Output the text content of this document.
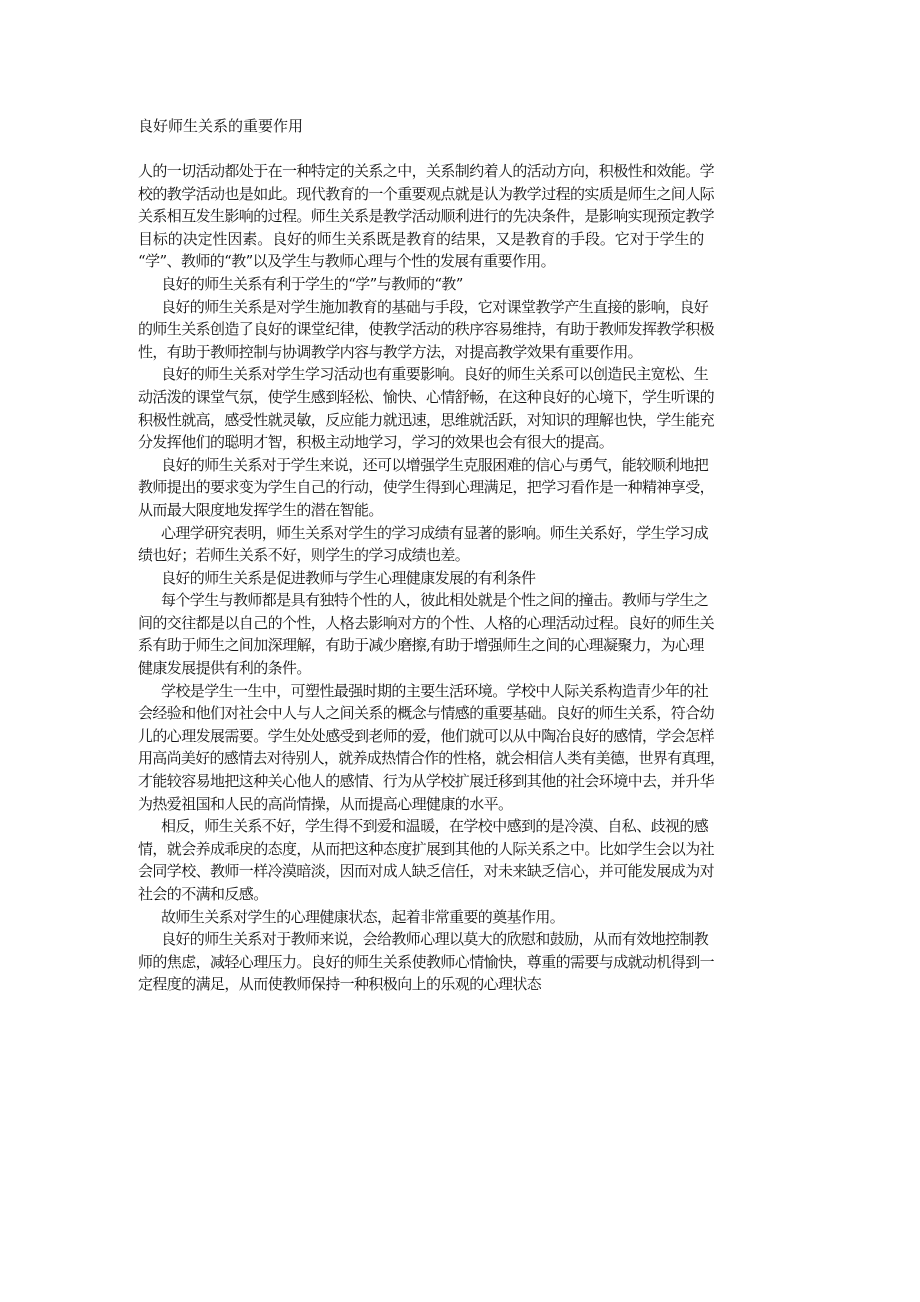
良好师生关系的重要作用
人的一切活动都处于在一种特定的关系之中，关系制约着人的活动方向，积极性和效能。学
校的教学活动也是如此。现代教育的一个重要观点就是认为教学过程的实质是师生之间人际
关系相互发生影响的过程。师生关系是教学活动顺利进行的先决条件，是影响实现预定教学
目标的决定性因素。良好的师生关系既是教育的结果，又是教育的手段。它对于学生的
“学”、教师的“教”以及学生与教师心理与个性的发展有重要作用。
良好的师生关系有利于学生的“学”与教师的“教”
良好的师生关系是对学生施加教育的基础与手段，它对课堂教学产生直接的影响，良好
的师生关系创造了良好的课堂纪律，使教学活动的秩序容易维持，有助于教师发挥教学积极
性，有助于教师控制与协调教学内容与教学方法，对提高教学效果有重要作用。
良好的师生关系对学生学习活动也有重要影响。良好的师生关系可以创造民主宽松、生
动活泼的课堂气氛，使学生感到轻松、愉快、心情舒畅，在这种良好的心境下，学生听课的
积极性就高，感受性就灵敏，反应能力就迅速，思维就活跃，对知识的理解也快，学生能充
分发挥他们的聪明才智，积极主动地学习，学习的效果也会有很大的提高。
良好的师生关系对于学生来说，还可以增强学生克服困难的信心与勇气，能较顺利地把
教师提出的要求变为学生自己的行动，使学生得到心理满足，把学习看作是一种精神享受，
从而最大限度地发挥学生的潜在智能。
心理学研究表明，师生关系对学生的学习成绩有显著的影响。师生关系好，学生学习成
绩也好；若师生关系不好，则学生的学习成绩也差。
良好的师生关系是促进教师与学生心理健康发展的有利条件
每个学生与教师都是具有独特个性的人，彼此相处就是个性之间的撞击。教师与学生之
间的交往都是以自己的个性，人格去影响对方的个性、人格的心理活动过程。良好的师生关
系有助于师生之间加深理解，有助于减少磨擦,有助于增强师生之间的心理凝聚力，为心理
健康发展提供有利的条件。
学校是学生一生中，可塑性最强时期的主要生活环境。学校中人际关系构造青少年的社
会经验和他们对社会中人与人之间关系的概念与情感的重要基础。良好的师生关系，符合幼
儿的心理发展需要。学生处处感受到老师的爱，他们就可以从中陶冶良好的感情，学会怎样
用高尚美好的感情去对待别人，就养成热情合作的性格，就会相信人类有美德，世界有真理，
才能较容易地把这种关心他人的感情、行为从学校扩展迁移到其他的社会环境中去，并升华
为热爱祖国和人民的高尚情操，从而提高心理健康的水平。
相反，师生关系不好，学生得不到爱和温暖，在学校中感到的是冷漠、自私、歧视的感
情，就会养成乖戾的态度，从而把这种态度扩展到其他的人际关系之中。比如学生会以为社
会同学校、教师一样冷漠暗淡，因而对成人缺乏信任，对未来缺乏信心，并可能发展成为对
社会的不满和反感。
故师生关系对学生的心理健康状态，起着非常重要的奠基作用。
良好的师生关系对于教师来说，会给教师心理以莫大的欣慰和鼓励，从而有效地控制教
师的焦虑，减轻心理压力。良好的师生关系使教师心情愉快，尊重的需要与成就动机得到一
定程度的满足，从而使教师保持一种积极向上的乐观的心理状态
